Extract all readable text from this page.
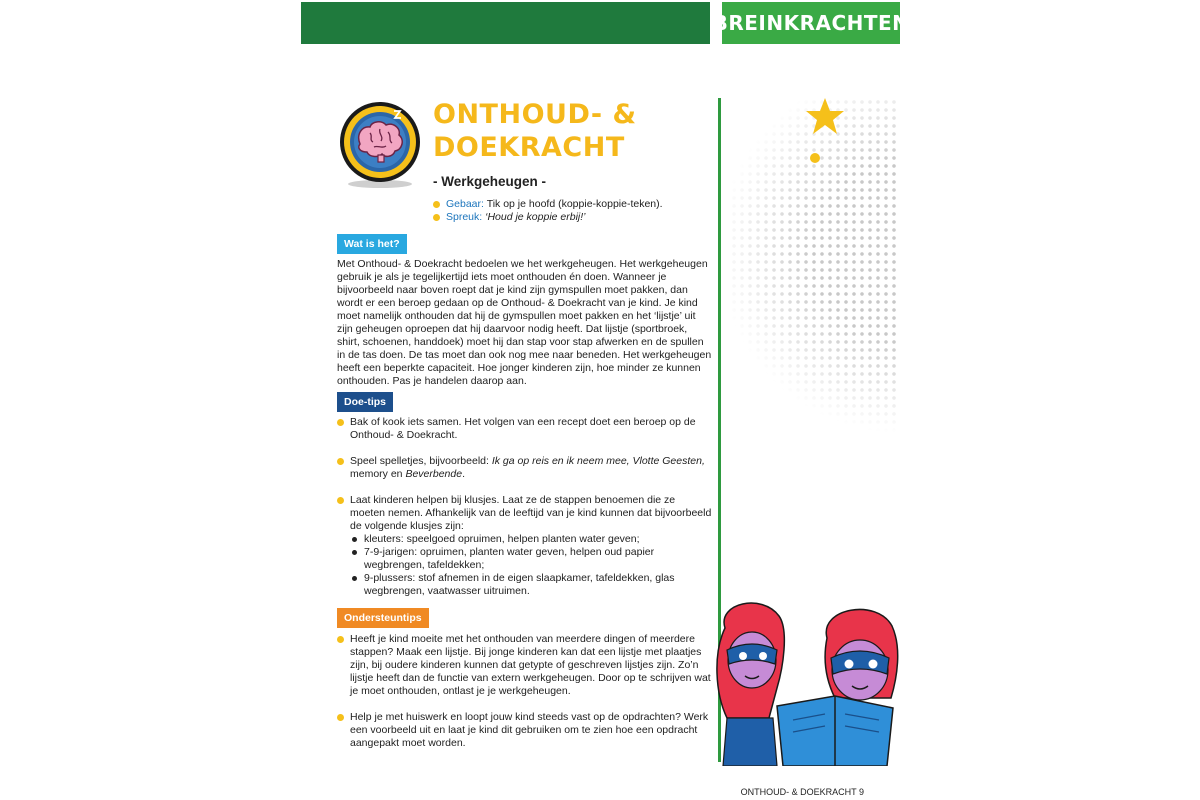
BREINKRACHTEN
ONTHOUD- &
DOEKRACHT
- Werkgeheugen -
Gebaar: Tik op je hoofd (koppie-koppie-teken).
Spreuk: ‘Houd je koppie erbij!’
Wat is het?

Met Onthoud- & Doekracht bedoelen we het werkgeheugen. Het werkgeheugen gebruik je als je tegelijkertijd iets moet onthouden én doen. Wanneer je bijvoorbeeld naar boven roept dat je kind zijn gymspullen moet pakken, dan wordt er een beroep gedaan op de Onthoud- & Doekracht van je kind. Je kind moet namelijk onthouden dat hij de gymspullen moet pakken en het ‘lijstje’ uit zijn geheugen oproepen dat hij daarvoor nodig heeft. Dat lijstje (sportbroek, shirt, schoenen, handdoek) moet hij dan stap voor stap afwerken en de spullen in de tas doen. De tas moet dan ook nog mee naar beneden. Het werkgeheugen heeft een beperkte capaciteit. Hoe jonger kinderen zijn, hoe minder ze kunnen onthouden. Pas je handelen daarop aan.

Doe-tips
Bak of kook iets samen. Het volgen van een recept doet een beroep op de Onthoud- & Doekracht.
Speel spelletjes, bijvoorbeeld: Ik ga op reis en ik neem mee, Vlotte Geesten,
memory en Beverbende.
Laat kinderen helpen bij klusjes. Laat ze de stappen benoemen die ze moeten nemen. Afhankelijk van de leeftijd van je kind kunnen dat bijvoorbeeld de volgende klusjes zijn:
kleuters: speelgoed opruimen, helpen planten water geven;
7-9-jarigen: opruimen, planten water geven, helpen oud papier wegbrengen, tafeldekken;
9-plussers: stof afnemen in de eigen slaapkamer, tafeldekken, glas wegbrengen, vaatwasser uitruimen.
Ondersteuntips
Heeft je kind moeite met het onthouden van meerdere dingen of meerdere stappen? Maak een lijstje. Bij jonge kinderen kan dat een lijstje met plaatjes zijn, bij oudere kinderen kunnen dat getypte of geschreven lijstjes zijn. Zo’n lijstje heeft dan de functie van extern werkgeheugen. Door op te schrijven wat je moet onthouden, ontlast je je werkgeheugen.
Help je met huiswerk en loopt jouw kind steeds vast op de opdrachten? Werk een voorbeeld uit en laat je kind dit gebruiken om te zien hoe een opdracht aangepakt moet worden.
ONTHOUD- & DOEKRACHT 9
